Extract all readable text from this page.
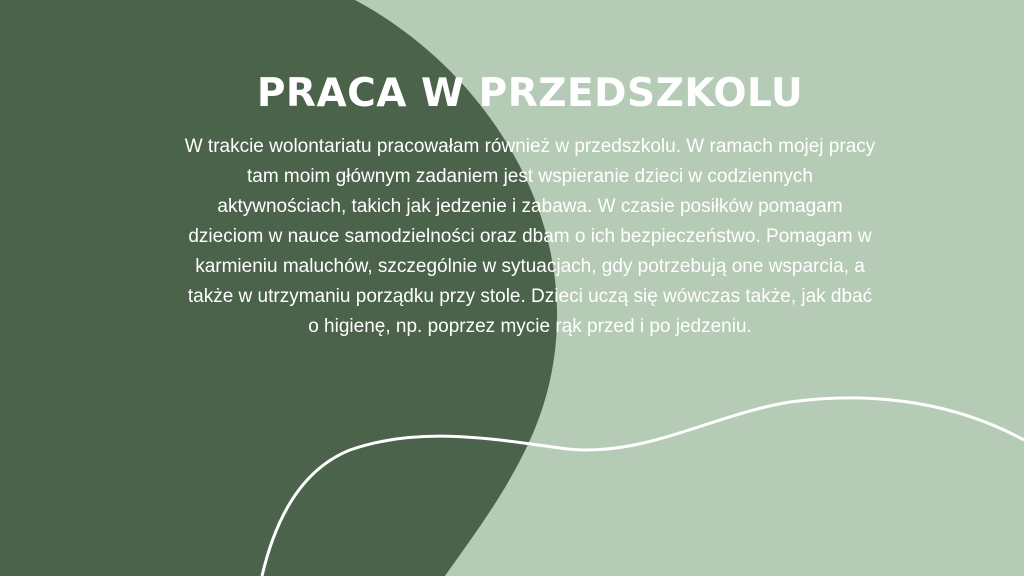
PRACA W PRZEDSZKOLU

W trakcie wolontariatu pracowałam również w przedszkolu. W ramach mojej pracy tam moim głównym zadaniem jest wspieranie dzieci w codziennych aktywnościach, takich jak jedzenie i zabawa. W czasie posiłków pomagam dzieciom w nauce samodzielności oraz dbam o ich bezpieczeństwo. Pomagam w karmieniu maluchów, szczególnie w sytuacjach, gdy potrzebują one wsparcia, a także w utrzymaniu porządku przy stole. Dzieci uczą się wówczas także, jak dbać o higienę, np. poprzez mycie rąk przed i po jedzeniu.
